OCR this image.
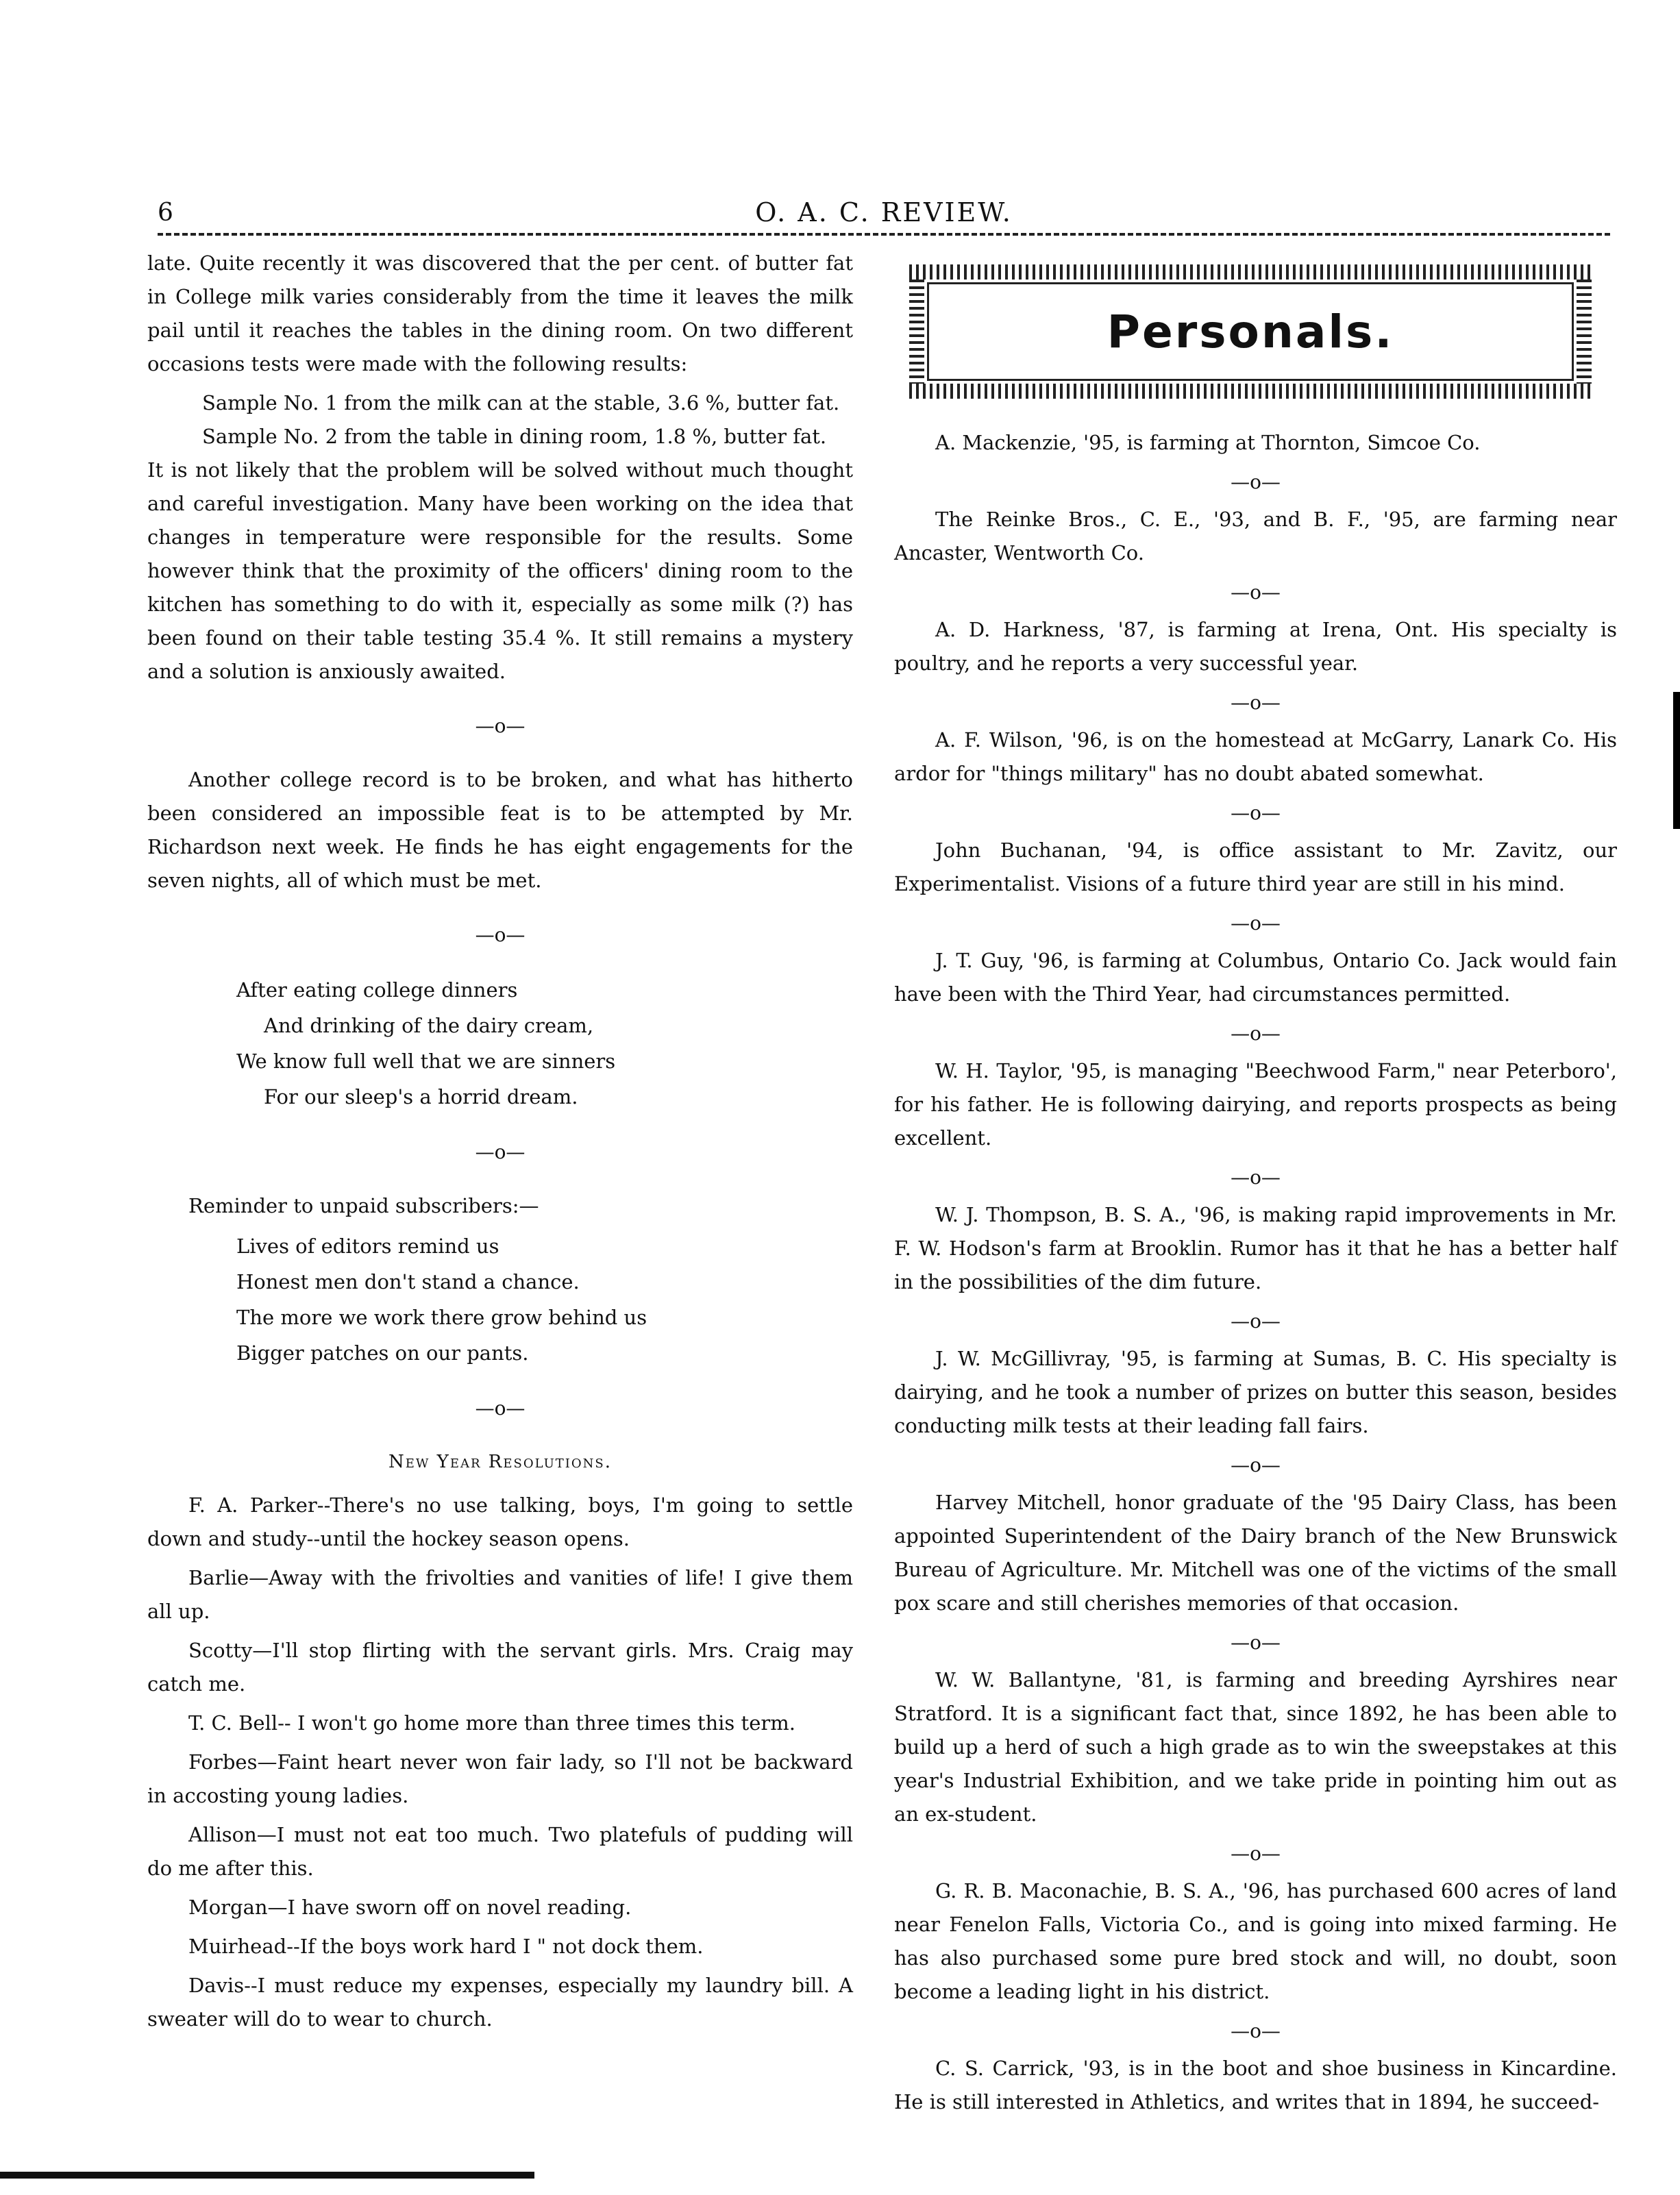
6	O. A. C. REVIEW.

late. Quite recently it was discovered that the per cent. of butter fat in College milk varies considerably from the time it leaves the milk pail until it reaches the tables in the dining room. On two different occasions tests were made with the following results:

Sample No. 1 from the milk can at the stable, 3.6 %, butter fat.

Sample No. 2 from the table in dining room, 1.8 %, butter fat.

It is not likely that the problem will be solved without much thought and careful investigation. Many have been working on the idea that changes in temperature were responsible for the results. Some however think that the proximity of the officers' dining room to the kitchen has something to do with it, especially as some milk (?) has been found on their table testing 35.4 %. It still remains a mystery and a solution is anxiously awaited.

—o—

Another college record is to be broken, and what has hitherto been considered an impossible feat is to be attempted by Mr. Richardson next week. He finds he has eight engagements for the seven nights, all of which must be met.

—o—
After eating college dinners
And drinking of the dairy cream,
We know full well that we are sinners
For our sleep's a horrid dream.
—o—

Reminder to unpaid subscribers:—

Lives of editors remind us
Honest men don't stand a chance.
The more we work there grow behind us
Bigger patches on our pants.
—o—
New Year Resolutions.

F. A. Parker--There's no use talking, boys, I'm going to settle down and study--until the hockey season opens.

Barlie—Away with the frivolties and vanities of life! I give them all up.

Scotty—I'll stop flirting with the servant girls. Mrs. Craig may catch me.

T. C. Bell-- I won't go home more than three times this term.

Forbes—Faint heart never won fair lady, so I'll not be backward in accosting young ladies.

Allison—I must not eat too much. Two platefuls of pudding will do me after this.

Morgan—I have sworn off on novel reading.

Muirhead--If the boys work hard I " not dock them.

Davis--I must reduce my expenses, especially my laundry bill. A sweater will do to wear to church.

Personals.

A. Mackenzie, '95, is farming at Thornton, Simcoe Co.

—o—

The Reinke Bros., C. E., '93, and B. F., '95, are farming near Ancaster, Wentworth Co.

—o—

A. D. Harkness, '87, is farming at Irena, Ont. His specialty is poultry, and he reports a very successful year.

—o—

A. F. Wilson, '96, is on the homestead at McGarry, Lanark Co. His ardor for "things military" has no doubt abated somewhat.

—o—

John Buchanan, '94, is office assistant to Mr. Zavitz, our Experimentalist. Visions of a future third year are still in his mind.

—o—

J. T. Guy, '96, is farming at Columbus, Ontario Co. Jack would fain have been with the Third Year, had circumstances permitted.

—o—

W. H. Taylor, '95, is managing "Beechwood Farm," near Peterboro', for his father. He is following dairying, and reports prospects as being excellent.

—o—

W. J. Thompson, B. S. A., '96, is making rapid improvements in Mr. F. W. Hodson's farm at Brooklin. Rumor has it that he has a better half in the possibilities of the dim future.

—o—

J. W. McGillivray, '95, is farming at Sumas, B. C. His specialty is dairying, and he took a number of prizes on butter this season, besides conducting milk tests at their leading fall fairs.

—o—

Harvey Mitchell, honor graduate of the '95 Dairy Class, has been appointed Superintendent of the Dairy branch of the New Brunswick Bureau of Agriculture. Mr. Mitchell was one of the victims of the small pox scare and still cherishes memories of that occasion.

—o—

W. W. Ballantyne, '81, is farming and breeding Ayrshires near Stratford. It is a significant fact that, since 1892, he has been able to build up a herd of such a high grade as to win the sweepstakes at this year's Industrial Exhibition, and we take pride in pointing him out as an ex-student.

—o—

G. R. B. Maconachie, B. S. A., '96, has purchased 600 acres of land near Fenelon Falls, Victoria Co., and is going into mixed farming. He has also purchased some pure bred stock and will, no doubt, soon become a leading light in his district.

—o—

C. S. Carrick, '93, is in the boot and shoe business in Kincardine. He is still interested in Athletics, and writes that in 1894, he succeed-
